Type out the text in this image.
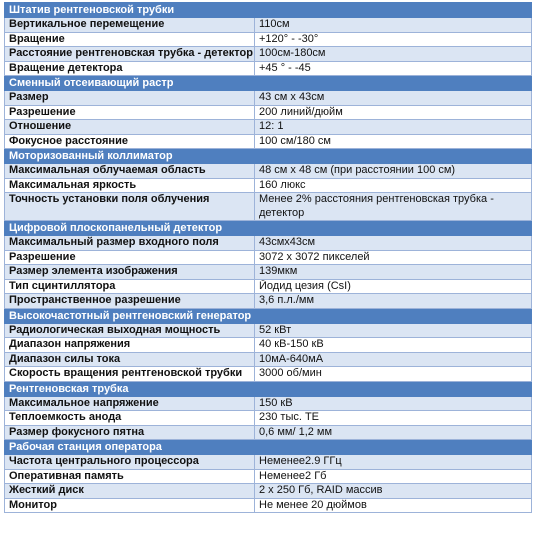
Штатив рентгеновской трубки	
Вертикальное перемещение	110см
Вращение	+120° - -30°
Расстояние рентгеновская трубка - детектор	100см-180см
Вращение детектора	+45 ° - -45
Сменный отсеивающий растр	
Размер	43 см х 43см
Разрешение	200 линий/дюйм
Отношение	12: 1
Фокусное расстояние	100 см/180 см
Моторизованный коллиматор	
Максимальная облучаемая область	48 см х 48 см (при расстоянии 100 см)
Максимальная яркость	160 люкс
Точность установки поля облучения	Менее 2% расстояния рентгеновская трубка - детектор
Цифровой плоскопанельный детектор	
Максимальный размер входного поля	43смх43см
Разрешение	3072 х 3072 пикселей
Размер элемента изображения	139мкм
Тип сцинтиллятора	Йодид цезия (CsI)
Пространственное разрешение	3,6 п.л./мм
Высокочастотный рентгеновский генератор	
Радиологическая выходная мощность	52 кВт
Диапазон напряжения	40 кВ-150 кВ
Диапазон силы тока	10мА-640мА
Скорость вращения рентгеновской трубки	3000 об/мин
Рентгеновская трубка	
Максимальное напряжение	150 кВ
Теплоемкость анода	230 тыс. ТЕ
Размер фокусного пятна	0,6 мм/ 1,2 мм
Рабочая станция оператора	
Частота центрального процессора	Неменее2.9 ГГц
Оперативная память	Неменее2 Гб
Жесткий диск	2 х 250 Гб, RAID массив
Монитор	Не менее 20 дюймов
